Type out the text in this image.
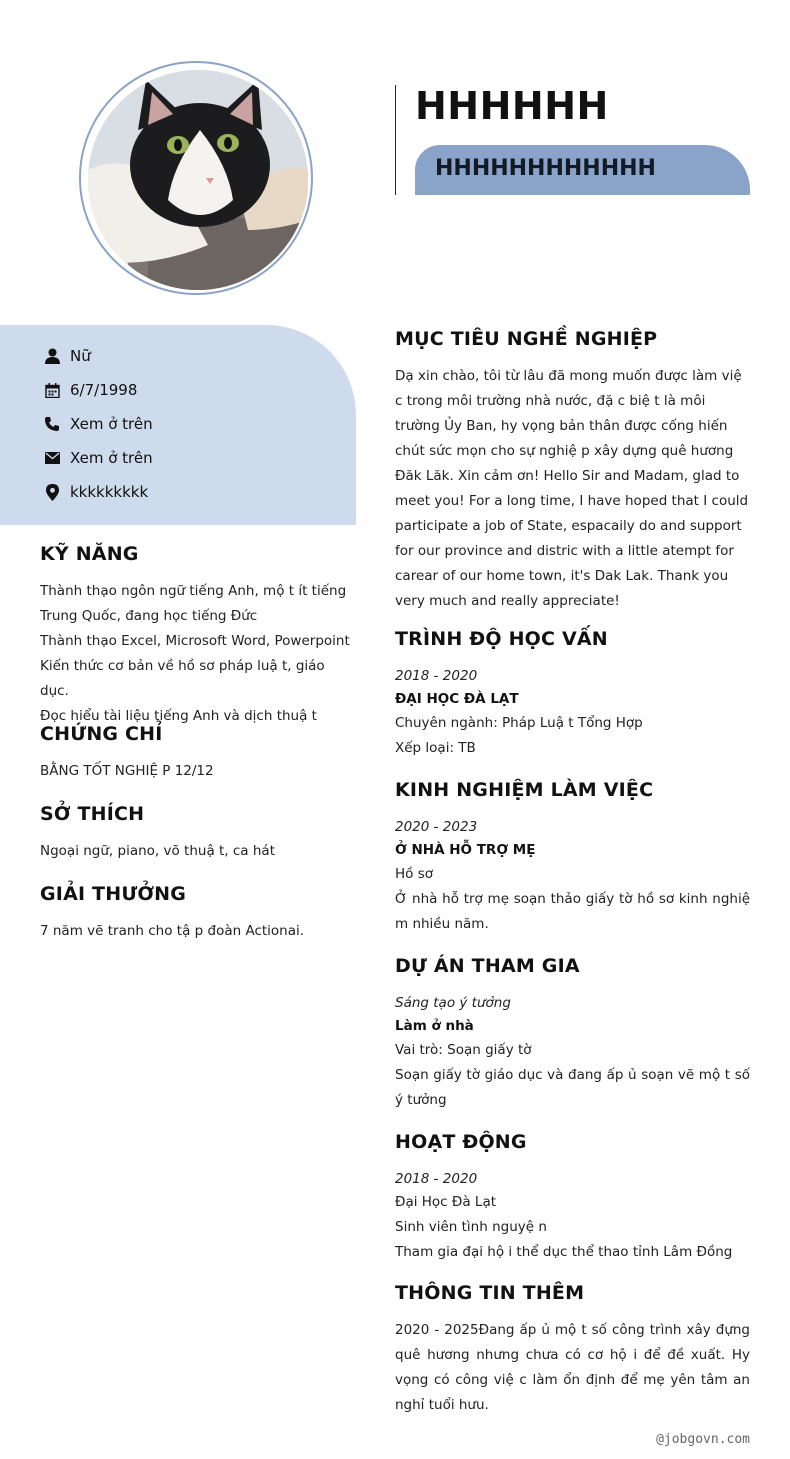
HHHHHH
HHHHHHHHHHHH
Nữ
6/7/1998
Xem ở trên
Xem ở trên
kkkkkkkkk
KỸ NĂNG
Thành thạo ngôn ngữ tiếng Anh, mộ t ít tiếng Trung Quốc, đang học tiếng Đức
Thành thạo Excel, Microsoft Word, Powerpoint
Kiến thức cơ bản về hồ sơ pháp luậ t, giáo dục.
Đọc hiểu tài liệu tiếng Anh và dịch thuậ t
CHỨNG CHỈ
BẰNG TỐT NGHIỆ P 12/12
SỞ THÍCH
Ngoại ngữ, piano, võ thuậ t, ca hát
GIẢI THƯỞNG
7 năm vẽ tranh cho tậ p đoàn Actionai.
MỤC TIÊU NGHỀ NGHIỆP
Dạ xin chào, tôi từ lâu đã mong muốn được làm việ c trong môi trường nhà nước, đặ c biệ t là môi trường Ủy Ban, hy vọng bản thân được cống hiến chút sức mọn cho sự nghiệ p xây dựng quê hương Đăk Lăk. Xin cảm ơn! Hello Sir and Madam, glad to meet you! For a long time, I have hoped that I could participate a job of State, espacaily do and support for our province and distric with a little atempt for carear of our home town, it's Dak Lak. Thank you very much and really appreciate!
TRÌNH ĐỘ HỌC VẤN
2018 - 2020
ĐẠI HỌC ĐÀ LẠT
Chuyên ngành: Pháp Luậ t Tổng Hợp
Xếp loại: TB
KINH NGHIỆM LÀM VIỆC
2020 - 2023
Ở NHÀ HỖ TRỢ MẸ
Hồ sơ
Ở nhà hỗ trợ mẹ soạn thảo giấy tờ hồ sơ kinh nghiệ m nhiều năm.
DỰ ÁN THAM GIA
Sáng tạo ý tưởng
Làm ở nhà
Vai trò: Soạn giấy tờ
Soạn giấy tờ giáo dục và đang ấp ủ soạn vẽ mộ t số ý tưởng
HOẠT ĐỘNG
2018 - 2020
Đại Học Đà Lạt
Sinh viên tình nguyệ n
Tham gia đại hộ i thể dục thể thao tỉnh Lâm Đồng
THÔNG TIN THÊM
2020 - 2025Đang ấp ủ mộ t số công trình xây đựng quê hương nhưng chưa có cơ hộ i để đề xuất. Hy vọng có công việ c làm ổn định để mẹ yên tâm an nghỉ tuổi hưu.
@jobgovn.com
